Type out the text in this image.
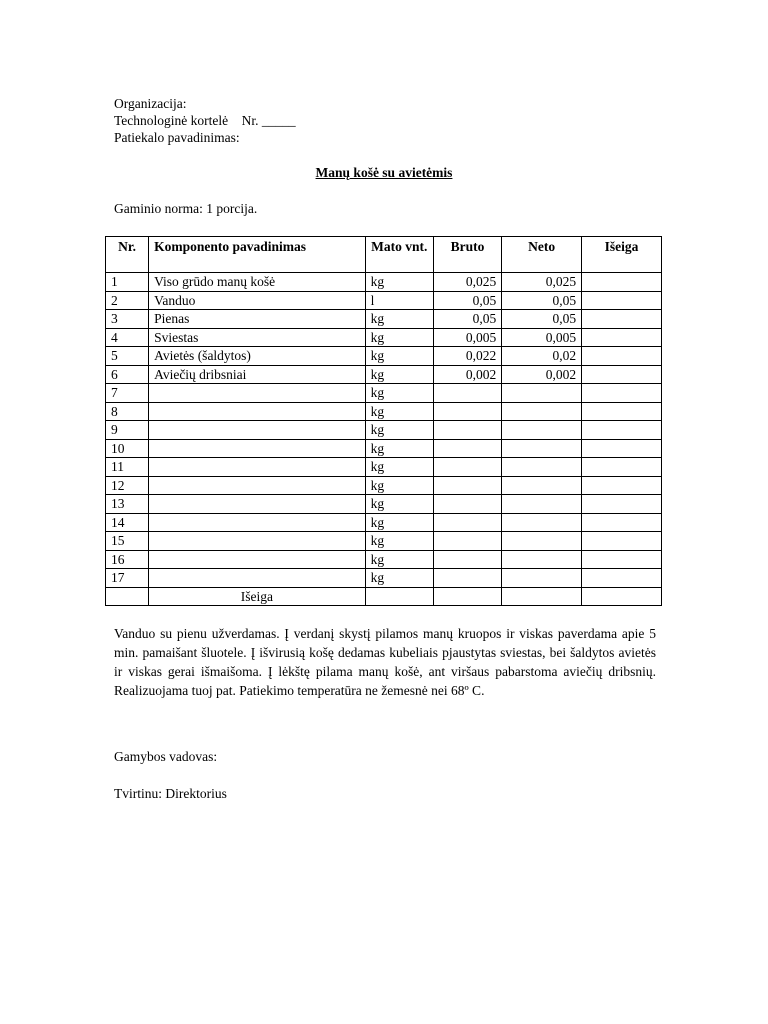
Organizacija:
Technologinė kortelė Nr. _____
Patiekalo pavadinimas:
Manų košė su avietėmis
Gaminio norma: 1 porcija.
Nr.	Komponento pavadinimas	Mato vnt.	Bruto	Neto	Išeiga
1	Viso grūdo manų košė	kg	0,025	0,025	
2	Vanduo	l	0,05	0,05	
3	Pienas	kg	0,05	0,05	
4	Sviestas	kg	0,005	0,005	
5	Avietės (šaldytos)	kg	0,022	0,02	
6	Aviečių dribsniai	kg	0,002	0,002	
7		kg			
8		kg			
9		kg			
10		kg			
11		kg			
12		kg			
13		kg			
14		kg			
15		kg			
16		kg			
17		kg			
	Išeiga				
Vanduo su pienu užverdamas. Į verdanį skystį pilamos manų kruopos ir viskas paverdama apie 5 min. pamaišant šluotele. Į išvirusią košę dedamas kubeliais pjaustytas sviestas, bei šaldytos avietės ir viskas gerai išmaišoma. Į lėkštę pilama manų košė, ant viršaus pabarstoma aviečių dribsnių. Realizuojama tuoj pat. Patiekimo temperatūra ne žemesnė nei 68º C.
Gamybos vadovas:
Tvirtinu: Direktorius
